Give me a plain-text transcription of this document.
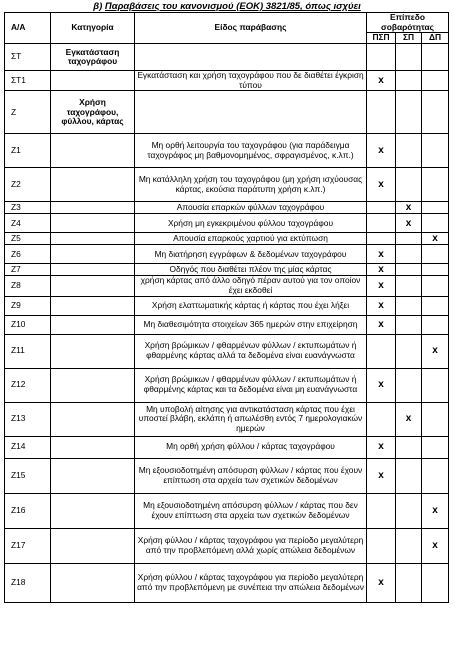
β) Παραβάσεις του κανονισμού (ΕΟΚ) 3821/85, όπως ισχύει
Α/Α	Κατηγορία	Είδος παράβασης	Επίπεδο σοβαρότητας		
			ΠΣΠ	ΣΠ	ΔΠ
ΣΤ	Εγκατάσταση ταχογράφου				
ΣΤ1		Εγκατάσταση και χρήση ταχογράφου που δε διαθέτει έγκριση τύπου	x		
Ζ	Χρήση ταχογράφου, φύλλου, κάρτας				
Ζ1		Μη ορθή λειτουργία του ταχογράφου (για παράδειγμα ταχογράφος μη βαθμονομημένος, σφραγισμένος, κ.λπ.)	x		
Ζ2		Μη κατάλληλη χρήση του ταχογράφου (μη χρήση ισχύουσας κάρτας, εκούσια παράτυπη χρήση κ.λπ.)	x		
Ζ3		Απουσία επαρκών φύλλων ταχογράφου		x	
Ζ4		Χρήση μη εγκεκριμένου φύλλου ταχογράφου		x	
Ζ5		Απουσία επαρκούς χαρτιού για εκτύπωση			x
Ζ6		Μη διατήρηση εγγράφων & δεδομένων ταχογράφου	x		
Ζ7		Οδηγός που διαθέτει πλέον της μίας κάρτας	x		
Ζ8		χρήση κάρτας από άλλο οδηγό πέραν αυτού για τον οποίον έχει εκδοθεί	x		
Ζ9		Χρήση ελαττωματικής κάρτας ή κάρτας που έχει λήξει	x		
Ζ10		Μη διαθεσιμότητα στοιχείων 365 ημερών στην επιχείρηση	x		
Ζ11		Χρήση βρώμικων / φθαρμένων φύλλων / εκτυπωμάτων ή φθαρμένης κάρτας αλλά τα δεδομένα είναι ευανάγνωστα			x
Ζ12		Χρήση βρώμικων / φθαρμένων φύλλων / εκτυπωμάτων ή φθαρμένης κάρτας και τα δεδομένα είναι μη ευανάγνωστα	x		
Ζ13		Μη υποβολή αίτησης για αντικατάσταση κάρτας που έχει υποστεί βλάβη, εκλάπη ή απωλέσθη εντός 7 ημερολογιακών ημερών		x	
Ζ14		Μη ορθή χρήση φύλλου / κάρτας ταχογράφου	x		
Ζ15		Μη εξουσιοδοτημένη απόσυρση φύλλων / κάρτας που έχουν επίπτωση στα αρχεία των σχετικών δεδομένων	x		
Ζ16		Μη εξουσιοδοτημένη απόσυρση φύλλων / κάρτας που δεν έχουν επίπτωση στα αρχεία των σχετικών δεδομένων			x
Ζ17		Χρήση φύλλου / κάρτας ταχογράφου για περίοδο μεγαλύτερη από την προβλεπόμενη αλλά χωρίς απώλεια δεδομένων			x
Ζ18		Χρήση φύλλου / κάρτας ταχογράφου για περίοδο μεγαλύτερη από την προβλεπόμενη με συνέπεια την απώλεια δεδομένων	x		
